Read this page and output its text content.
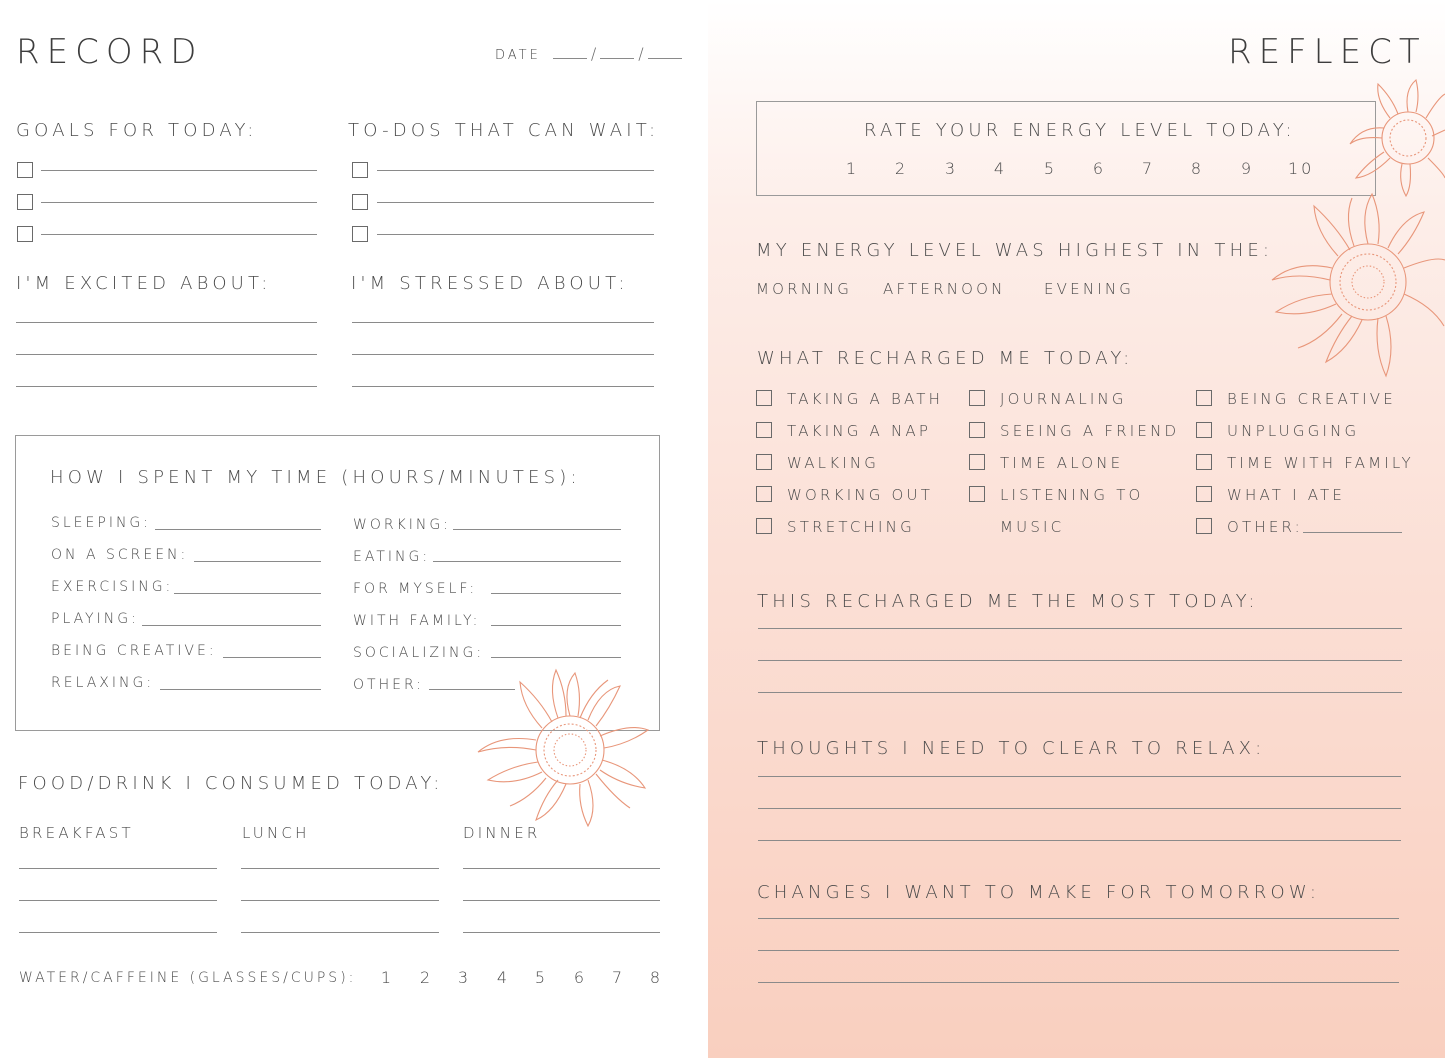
RECORD	DATE	/	/
GOALS FOR TODAY:	TO-DOS THAT CAN WAIT:
I'M EXCITED ABOUT:	I'M STRESSED ABOUT:
HOW I SPENT MY TIME (HOURS/MINUTES):
SLEEPING:
ON A SCREEN:
EXERCISING:
PLAYING:
BEING CREATIVE:
RELAXING:
WORKING:
EATING:
FOR MYSELF:
WITH FAMILY:
SOCIALIZING:
OTHER:
FOOD/DRINK I CONSUMED TODAY:
BREAKFAST	LUNCH	DINNER
WATER/CAFFEINE (GLASSES/CUPS):	1	2	3	4	5	6	7	8
REFLECT
RATE YOUR ENERGY LEVEL TODAY:
1	2	3	4	5	6	7	8	9	10
MY ENERGY LEVEL WAS HIGHEST IN THE:
MORNING AFTERNOON	EVENING
WHAT RECHARGED ME TODAY:
TAKING A BATH
TAKING A NAP
WALKING
WORKING OUT
STRETCHING
JOURNALING
SEEING A FRIEND
TIME ALONE
LISTENING TO
MUSIC
BEING CREATIVE
UNPLUGGING
TIME WITH FAMILY
WHAT I ATE
OTHER:
THIS RECHARGED ME THE MOST TODAY:
THOUGHTS I NEED TO CLEAR TO RELAX:
CHANGES I WANT TO MAKE FOR TOMORROW:
